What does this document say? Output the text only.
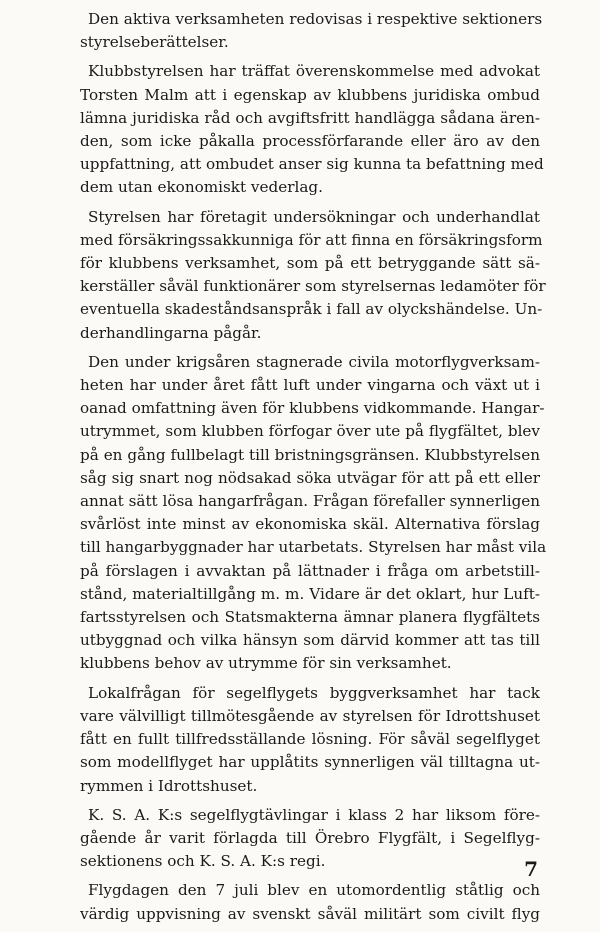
Den aktiva verksamheten redovisas i respektive sektioners
styrelseberättelser.

Klubbstyrelsen har träffat överenskommelse med advokat
Torsten Malm att i egenskap av klubbens juridiska ombud
lämna juridiska råd och avgiftsfritt handlägga sådana ären-
den, som icke påkalla processförfarande eller äro av den
uppfattning, att ombudet anser sig kunna ta befattning med
dem utan ekonomiskt vederlag.

Styrelsen har företagit undersökningar och underhandlat
med försäkringssakkunniga för att finna en försäkringsform
för klubbens verksamhet, som på ett betryggande sätt sä-
kerställer såväl funktionärer som styrelsernas ledamöter för
eventuella skadeståndsanspråk i fall av olyckshändelse. Un-
derhandlingarna pågår.

Den under krigsåren stagnerade civila motorflygverksam-
heten har under året fått luft under vingarna och växt ut i
oanad omfattning även för klubbens vidkommande. Hangar-
utrymmet, som klubben förfogar över ute på flygfältet, blev
på en gång fullbelagt till bristningsgränsen. Klubbstyrelsen
såg sig snart nog nödsakad söka utvägar för att på ett eller
annat sätt lösa hangarfrågan. Frågan förefaller synnerligen
svårlöst inte minst av ekonomiska skäl. Alternativa förslag
till hangarbyggnader har utarbetats. Styrelsen har måst vila
på förslagen i avvaktan på lättnader i fråga om arbetstill-
stånd, materialtillgång m. m. Vidare är det oklart, hur Luft-
fartsstyrelsen och Statsmakterna ämnar planera flygfältets
utbyggnad och vilka hänsyn som därvid kommer att tas till
klubbens behov av utrymme för sin verksamhet.

Lokalfrågan för segelflygets byggverksamhet har tack
vare välvilligt tillmötesgående av styrelsen för Idrottshuset
fått en fullt tillfredsställande lösning. För såväl segelflyget
som modellflyget har upplåtits synnerligen väl tilltagna ut-
rymmen i Idrottshuset.

K. S. A. K:s segelflygtävlingar i klass 2 har liksom före-
gående år varit förlagda till Örebro Flygfält, i Segelflyg-
sektionens och K. S. A. K:s regi.

Flygdagen den 7 juli blev en utomordentlig ståtlig och
värdig uppvisning av svenskt såväl militärt som civilt flyg

7
